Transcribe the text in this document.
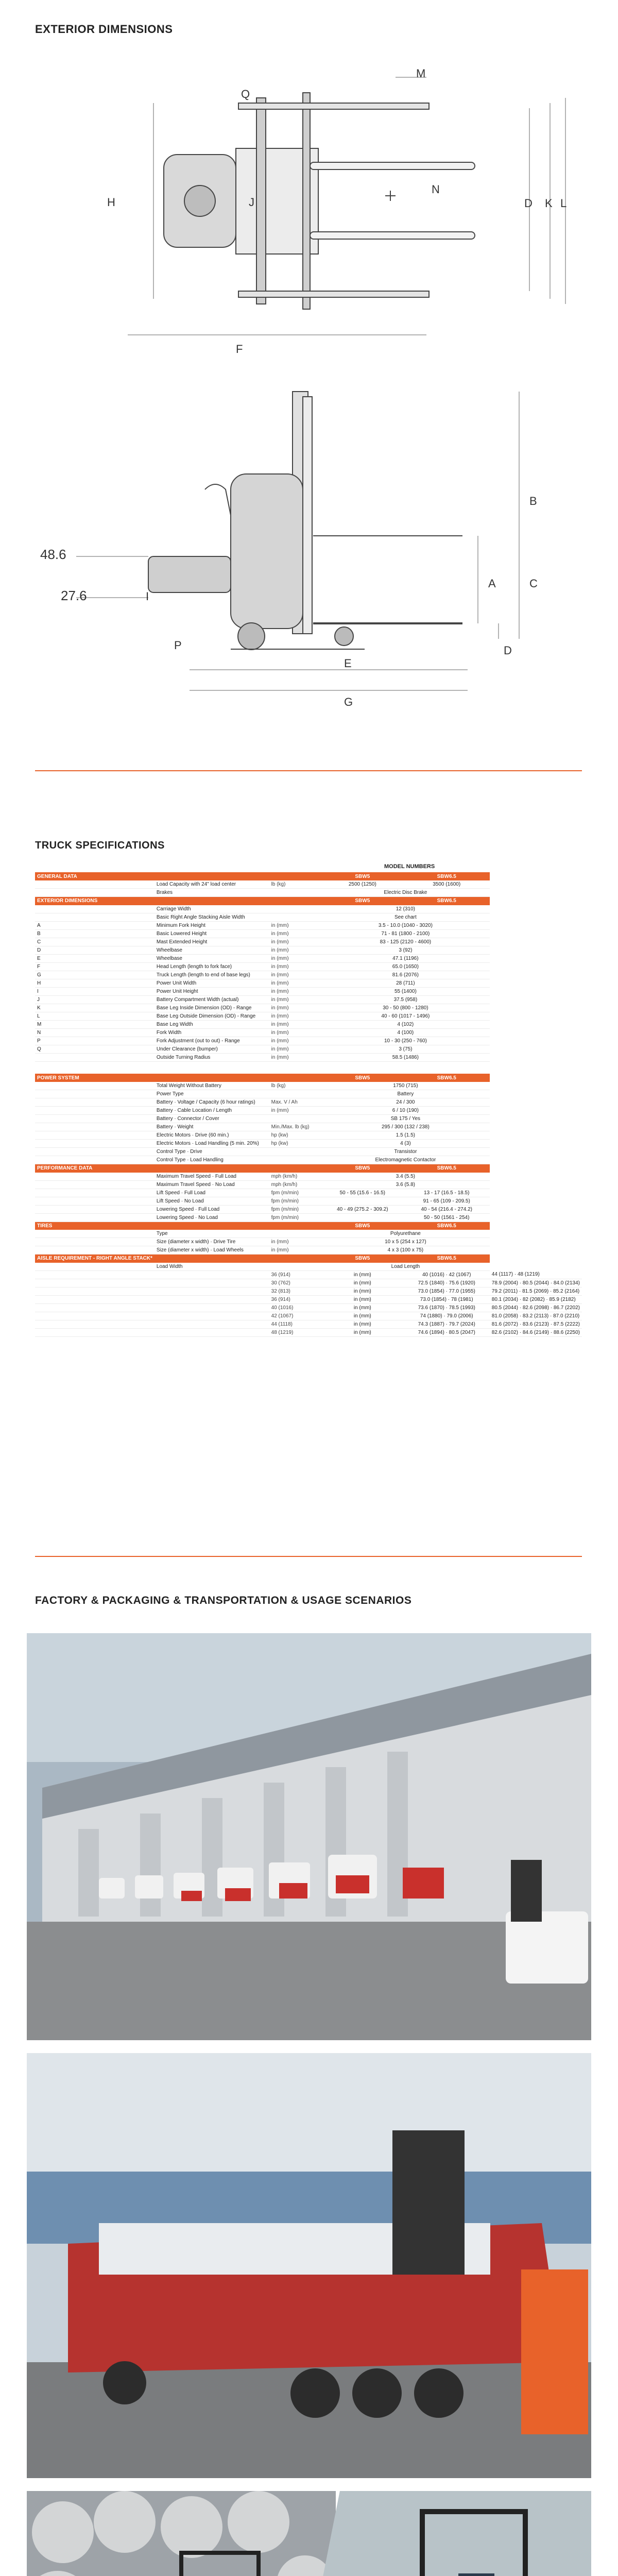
EXTERIOR DIMENSIONS
Q
M
H	J
N
D K L
F
B
A	C
P
E
D
G
48.6
27.6	I
TRUCK SPECIFICATIONS
MODEL NUMBERS
GENERAL DATA			SBW5	SBW6.5	
	Load Capacity with 24" load center	lb (kg)	2500 (1250)	3500 (1600)	
	Brakes		Electric Disc Brake		
EXTERIOR DIMENSIONS			SBW5	SBW6.5	
	Carriage Width		12 (310)		
	Basic Right Angle Stacking Aisle Width		See chart		
A	Minimum Fork Height	in (mm)	3.5 - 10.0 (1040 - 3020)		
B	Basic Lowered Height	in (mm)	71 - 81 (1800 - 2100)		
C	Mast Extended Height	in (mm)	83 - 125 (2120 - 4600)		
D	Wheelbase	in (mm)	3 (92)		
E	Wheelbase	in (mm)	47.1 (1196)		
F	Head Length (length to fork face)	in (mm)	65.0 (1650)		
G	Truck Length (length to end of base legs)	in (mm)	81.6 (2076)		
H	Power Unit Width	in (mm)	28 (711)		
I	Power Unit Height	in (mm)	55 (1400)		
J	Battery Compartment Width (actual)	in (mm)	37.5 (958)		
K	Base Leg Inside Dimension (OD) - Range	in (mm)	30 - 50 (800 - 1280)		
L	Base Leg Outside Dimension (OD) - Range	in (mm)	40 - 60 (1017 - 1496)		
M	Base Leg Width	in (mm)	4 (102)		
N	Fork Width	in (mm)	4 (100)		
P	Fork Adjustment (out to out) - Range	in (mm)	10 - 30 (250 - 760)		
Q	Under Clearance (bumper)	in (mm)	3 (75)		
	Outside Turning Radius	in (mm)	58.5 (1486)		

POWER SYSTEM			SBW5	SBW6.5	
	Total Weight Without Battery	lb (kg)	1750 (715)		
	Power Type		Battery		
	Battery · Voltage / Capacity (6 hour ratings)	Max. V / Ah	24 / 300		
	Battery · Cable Location / Length	in (mm)	6 / 10 (190)		
	Battery · Connector / Cover		SB 175 / Yes		
	Battery · Weight	Min./Max. lb (kg)	295 / 300 (132 / 238)		
	Electric Motors · Drive (60 min.)	hp (kw)	1.5 (1.5)		
	Electric Motors · Load Handling (5 min. 20%)	hp (kw)	4 (3)		
	Control Type · Drive		Transistor		
	Control Type · Load Handling		Electromagnetic Contactor		
PERFORMANCE DATA			SBW5	SBW6.5	
	Maximum Travel Speed · Full Load	mph (km/h)	3.4 (5.5)		
	Maximum Travel Speed · No Load	mph (km/h)	3.6 (5.8)		
	Lift Speed · Full Load	fpm (m/min)	50 - 55 (15.6 - 16.5)	13 - 17 (16.5 - 18.5)	
	Lift Speed · No Load	fpm (m/min)		91 - 65 (109 - 209.5)	
	Lowering Speed · Full Load	fpm (m/min)	40 - 49 (275.2 - 309.2)	40 - 54 (216.4 - 274.2)	
	Lowering Speed · No Load	fpm (m/min)		50 - 50 (1561 - 254)	
TIRES			SBW5	SBW6.5	
	Type		Polyurethane		
	Size (diameter x width) · Drive Tire	in (mm)	10 x 5 (254 x 127)		
	Size (diameter x width) · Load Wheels	in (mm)	4 x 3 (100 x 75)		
AISLE REQUIREMENT - RIGHT ANGLE STACK*			SBW5	SBW6.5	
	Load Width		Load Length		
		36 (914)	in (mm)	40 (1016) · 42 (1067)	44 (1117) · 48 (1219)
		30 (762)	in (mm)	72.5 (1840) · 75.6 (1920)	78.9 (2004) · 80.5 (2044) · 84.0 (2134)
		32 (813)	in (mm)	73.0 (1854) · 77.0 (1955)	79.2 (2011) · 81.5 (2069) · 85.2 (2164)
		36 (914)	in (mm)	73.0 (1854) · 78 (1981)	80.1 (2034) · 82 (2082) · 85.9 (2182)
		40 (1016)	in (mm)	73.6 (1870) · 78.5 (1993)	80.5 (2044) · 82.6 (2098) · 86.7 (2202)
		42 (1067)	in (mm)	74 (1880) · 79.0 (2006)	81.0 (2058) · 83.2 (2113) · 87.0 (2210)
		44 (1118)	in (mm)	74.3 (1887) · 79.7 (2024)	81.6 (2072) · 83.6 (2123) · 87.5 (2222)
		48 (1219)	in (mm)	74.6 (1894) · 80.5 (2047)	82.6 (2102) · 84.6 (2149) · 88.6 (2250)
FACTORY & PACKAGING & TRANSPORTATION & USAGE SCENARIOS
